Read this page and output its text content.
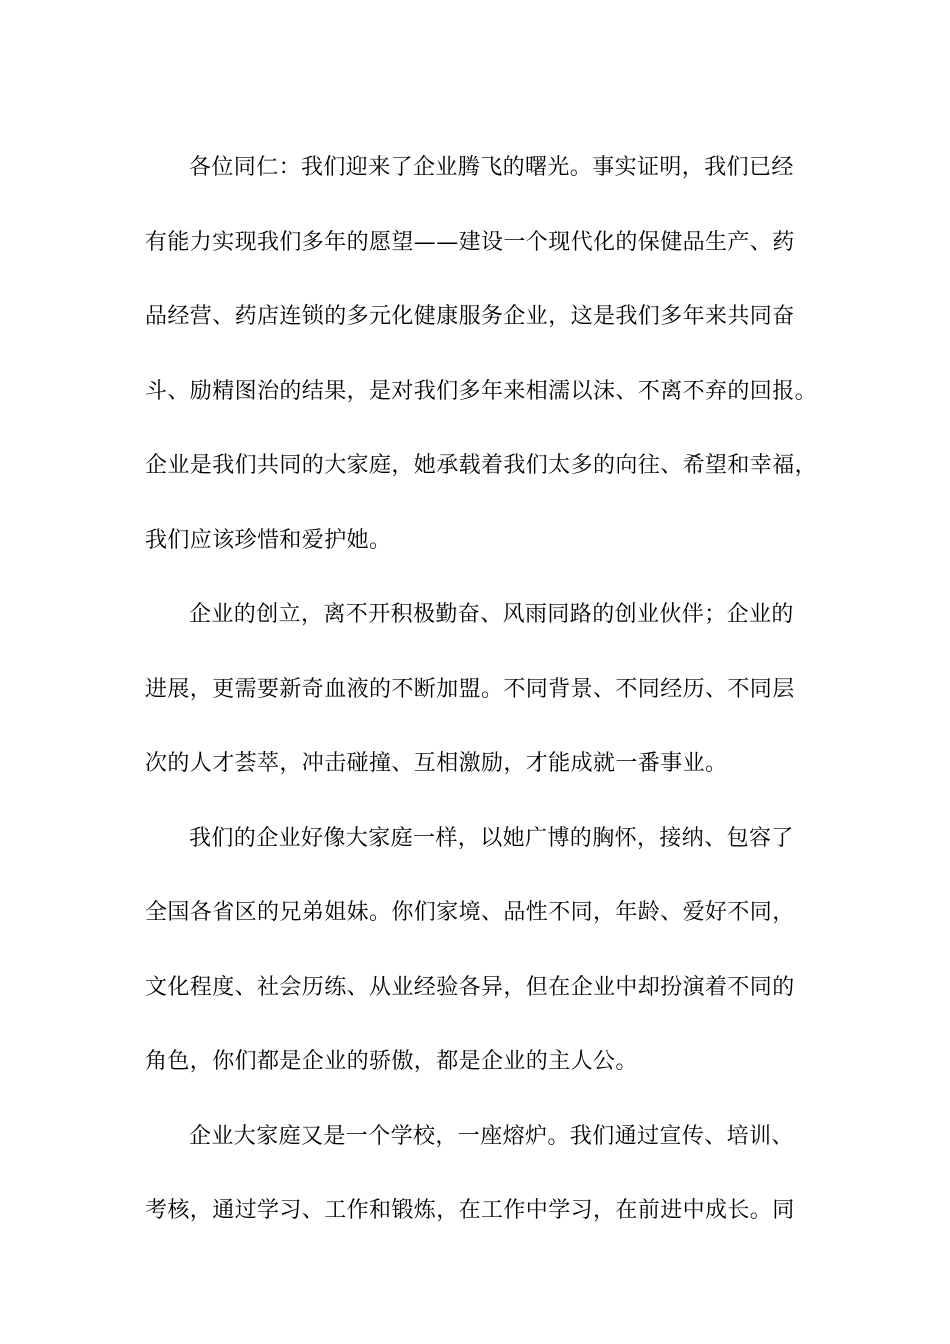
各位同仁：我们迎来了企业腾飞的曙光。事实证明，我们已经
有能力实现我们多年的愿望——建设一个现代化的保健品生产、药
品经营、药店连锁的多元化健康服务企业，这是我们多年来共同奋
斗、励精图治的结果，是对我们多年来相濡以沫、不离不弃的回报。
企业是我们共同的大家庭，她承载着我们太多的向往、希望和幸福，
我们应该珍惜和爱护她。

企业的创立，离不开积极勤奋、风雨同路的创业伙伴；企业的
进展，更需要新奇血液的不断加盟。不同背景、不同经历、不同层
次的人才荟萃，冲击碰撞、互相激励，才能成就一番事业。

我们的企业好像大家庭一样，以她广博的胸怀，接纳、包容了
全国各省区的兄弟姐妹。你们家境、品性不同，年龄、爱好不同，
文化程度、社会历练、从业经验各异，但在企业中却扮演着不同的
角色，你们都是企业的骄傲，都是企业的主人公。

企业大家庭又是一个学校，一座熔炉。我们通过宣传、培训、
考核，通过学习、工作和锻炼，在工作中学习，在前进中成长。同
